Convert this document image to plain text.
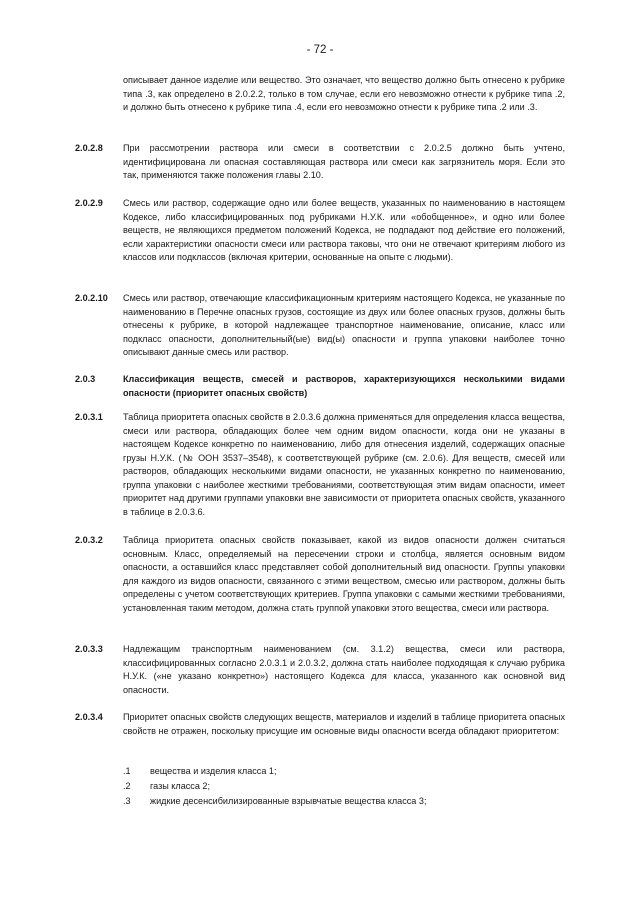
- 72 -
описывает данное изделие или вещество. Это означает, что вещество должно быть отнесено к рубрике типа .3, как определено в 2.0.2.2, только в том случае, если его невозможно отнести к рубрике типа .2, и должно быть отнесено к рубрике типа .4, если его невозможно отнести к рубрике типа .2 или .3.
2.0.2.8	При рассмотрении раствора или смеси в соответствии с 2.0.2.5 должно быть учтено, идентифицирована ли опасная составляющая раствора или смеси как загрязнитель моря. Если это так, применяются также положения главы 2.10.
2.0.2.9	Смесь или раствор, содержащие одно или более веществ, указанных по наименованию в настоящем Кодексе, либо классифицированных под рубриками Н.У.К. или «обобщенное», и одно или более веществ, не являющихся предметом положений Кодекса, не подпадают под действие его положений, если характеристики опасности смеси или раствора таковы, что они не отвечают критериям любого из классов или подклассов (включая критерии, основанные на опыте с людьми).
2.0.2.10	Смесь или раствор, отвечающие классификационным критериям настоящего Кодекса, не указанные по наименованию в Перечне опасных грузов, состоящие из двух или более опасных грузов, должны быть отнесены к рубрике, в которой надлежащее транспортное наименование, описание, класс или подкласс опасности, дополнительный(ые) вид(ы) опасности и группа упаковки наиболее точно описывают данные смесь или раствор.
2.0.3	Классификация веществ, смесей и растворов, характеризующихся несколькими видами опасности (приоритет опасных свойств)
2.0.3.1	Таблица приоритета опасных свойств в 2.0.3.6 должна применяться для определения класса вещества, смеси или раствора, обладающих более чем одним видом опасности, когда они не указаны в настоящем Кодексе конкретно по наименованию, либо для отнесения изделий, содержащих опасные грузы Н.У.К. (№ ООН 3537–3548), к соответствующей рубрике (см. 2.0.6). Для веществ, смесей или растворов, обладающих несколькими видами опасности, не указанных конкретно по наименованию, группа упаковки с наиболее жесткими требованиями, соответствующая этим видам опасности, имеет приоритет над другими группами упаковки вне зависимости от приоритета опасных свойств, указанного в таблице в 2.0.3.6.
2.0.3.2	Таблица приоритета опасных свойств показывает, какой из видов опасности должен считаться основным. Класс, определяемый на пересечении строки и столбца, является основным видом опасности, а оставшийся класс представляет собой дополнительный вид опасности. Группы упаковки для каждого из видов опасности, связанного с этими веществом, смесью или раствором, должны быть определены с учетом соответствующих критериев. Группа упаковки с самыми жесткими требованиями, установленная таким методом, должна стать группой упаковки этого вещества, смеси или раствора.
2.0.3.3	Надлежащим транспортным наименованием (см. 3.1.2) вещества, смеси или раствора, классифицированных согласно 2.0.3.1 и 2.0.3.2, должна стать наиболее подходящая к случаю рубрика Н.У.К. («не указано конкретно») настоящего Кодекса для класса, указанного как основной вид опасности.
2.0.3.4	Приоритет опасных свойств следующих веществ, материалов и изделий в таблице приоритета опасных свойств не отражен, поскольку присущие им основные виды опасности всегда обладают приоритетом:
.1	вещества и изделия класса 1;
.2	газы класса 2;
.3	жидкие десенсибилизированные взрывчатые вещества класса 3;
